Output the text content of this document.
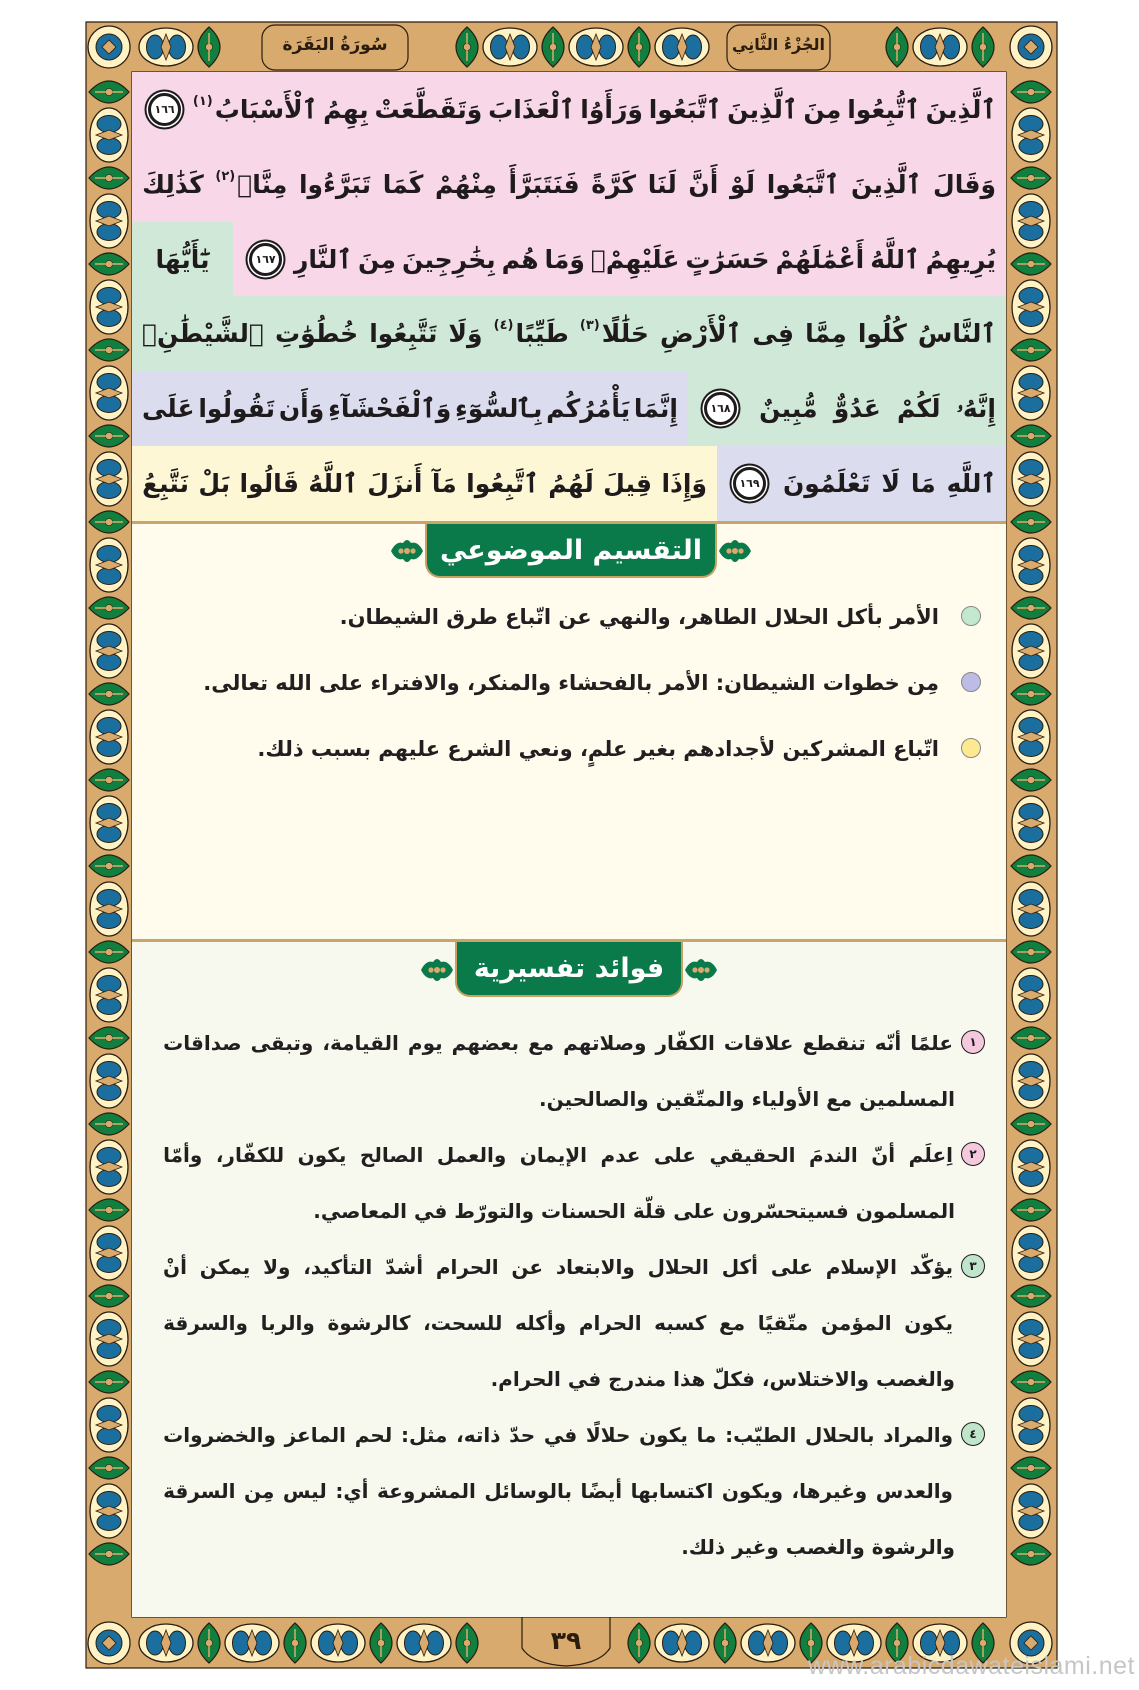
ٱلَّذِينَ
ٱتُّبِعُوا
مِنَ
ٱلَّذِينَ
ٱتَّبَعُوا
وَرَأَوُا
ٱلْعَذَابَ
وَتَقَطَّعَتْ
بِهِمُ
ٱلْأَسْبَابُ( $^١$ )
١٦٦
وَقَالَ
ٱلَّذِينَ
ٱتَّبَعُوا
لَوْ
أَنَّ
لَنَا
كَرَّةً
فَنَتَبَرَّأَ
مِنْهُمْ
كَمَا
تَبَرَّءُوا
مِنَّاۗ( $^٢$ )
كَذَٰلِكَ
يُرِيهِمُ
ٱللَّهُ
أَعْمَٰلَهُمْ
حَسَرَٰتٍ
عَلَيْهِمْۖ
وَمَا
هُم
بِخَٰرِجِينَ
مِنَ
ٱلنَّارِ
١٦٧
يَٰٓأَيُّهَا
ٱلنَّاسُ
كُلُوا
مِمَّا
فِى
ٱلْأَرْضِ
حَلَٰلًا( $^٣$ )
طَيِّبًا( $^٤$ )
وَلَا
تَتَّبِعُوا
خُطُوَٰتِ
ٱلشَّيْطَٰنِۚ
إِنَّهُۥ
لَكُمْ
عَدُوٌّ
مُّبِينٌ
١٦٨
إِنَّمَا
يَأْمُرُكُم
بِٱلسُّوٓءِ
وَٱلْفَحْشَآءِ
وَأَن
تَقُولُوا
عَلَى
ٱللَّهِ
مَا
لَا
تَعْلَمُونَ
١٦٩
وَإِذَا
قِيلَ
لَهُمُ
ٱتَّبِعُوا
مَآ
أَنزَلَ
ٱللَّهُ
قَالُوا
بَلْ
نَتَّبِعُ
التقسيم الموضوعي
الأمر بأكل الحلال الطاهر، والنهي عن اتّباع طرق الشيطان.
مِن خطوات الشيطان: الأمر بالفحشاء والمنكر، والافتراء على الله تعالى.
اتّباع المشركين لأجدادهم بغير علمٍ، ونعي الشرع عليهم بسبب ذلك.
فوائد تفسيرية
١
علمًا
أنّه
تنقطع
علاقات
الكفّار
وصلاتهم
مع
بعضهم
يوم
القيامة،
وتبقى
صداقات
المسلمين مع الأولياء والمتّقين والصالحين.
٢
اِعلَم
أنّ
الندمَ
الحقيقي
على
عدم
الإيمان
والعمل
الصالح
يكون
للكفّار،
وأمّا
المسلمون فسيتحسّرون على قلّة الحسنات والتورّط في المعاصي.
٣
يؤكّد
الإسلام
على
أكل
الحلال
والابتعاد
عن
الحرام
أشدّ
التأكيد،
ولا
يمكن
أنْ
يكون
المؤمن
متّقيًا
مع
كسبه
الحرام
وأكله
للسحت،
كالرشوة
والربا
والسرقة
والغصب والاختلاس، فكلّ هذا مندرج في الحرام.
٤
والمراد
بالحلال
الطيّب:
ما
يكون
حلالًا
في
حدّ
ذاته،
مثل:
لحم
الماعز
والخضروات
والعدس
وغيرها،
ويكون
اكتسابها
أيضًا
بالوسائل
المشروعة
أي:
ليس
مِن
السرقة
والرشوة والغصب وغير ذلك.
سُورَةُ البَقَرَة	الجُزْءُ الثَّانِي
٣٩
www.arabicdawateislami.net
